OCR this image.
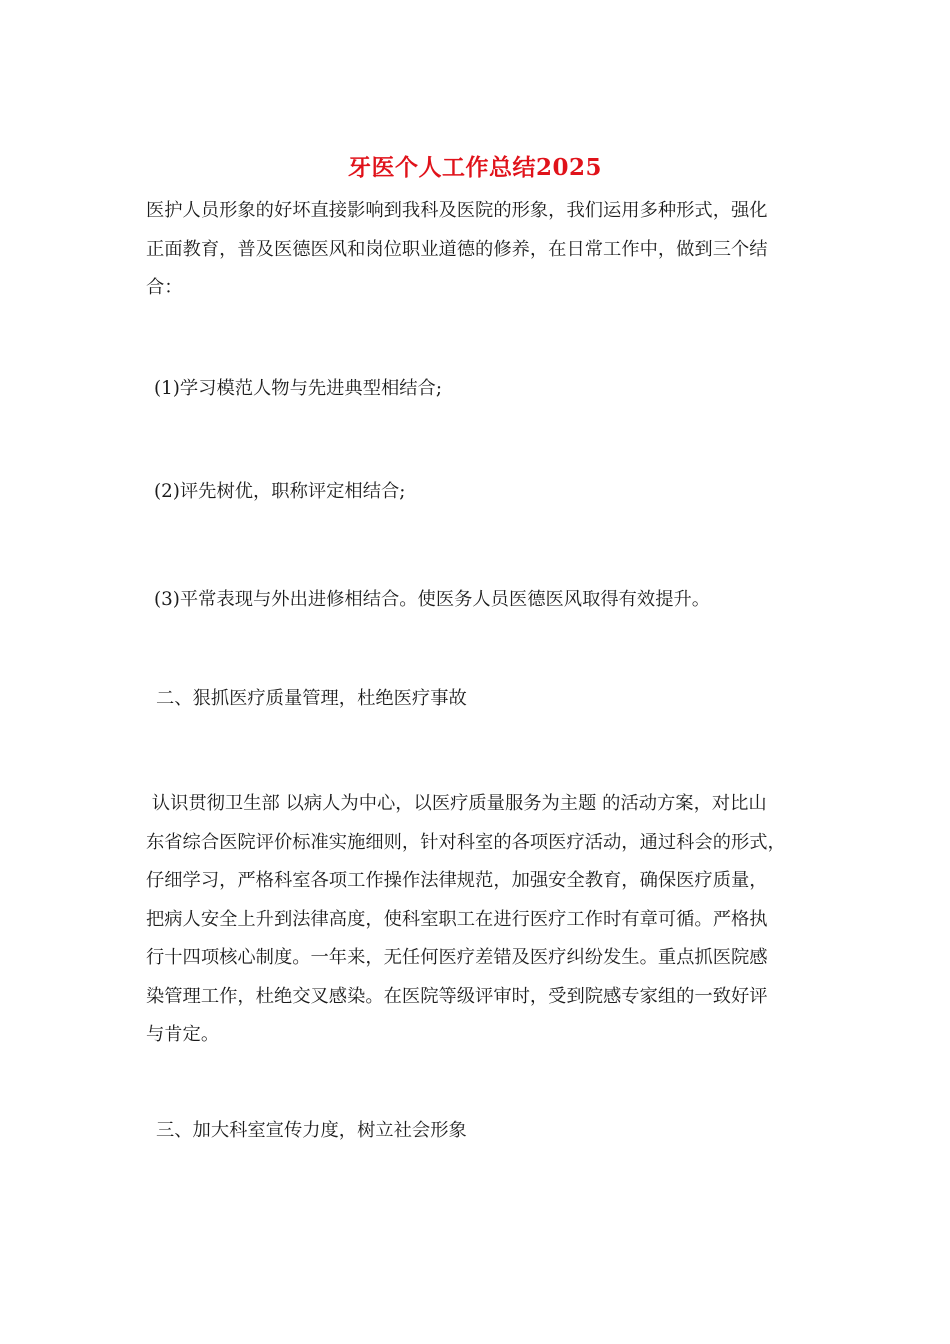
牙医个人工作总结2025
医护人员形象的好坏直接影响到我科及医院的形象，我们运用多种形式，强化
正面教育，普及医德医风和岗位职业道德的修养，在日常工作中，做到三个结
合：
(1)学习模范人物与先进典型相结合;
(2)评先树优，职称评定相结合;
(3)平常表现与外出进修相结合。使医务人员医德医风取得有效提升。
二、狠抓医疗质量管理，杜绝医疗事故
认识贯彻卫生部 以病人为中心，以医疗质量服务为主题 的活动方案，对比山
东省综合医院评价标准实施细则，针对科室的各项医疗活动，通过科会的形式，
仔细学习，严格科室各项工作操作法律规范，加强安全教育，确保医疗质量，
把病人安全上升到法律高度，使科室职工在进行医疗工作时有章可循。严格执
行十四项核心制度。一年来，无任何医疗差错及医疗纠纷发生。重点抓医院感
染管理工作，杜绝交叉感染。在医院等级评审时，受到院感专家组的一致好评
与肯定。
三、加大科室宣传力度，树立社会形象
